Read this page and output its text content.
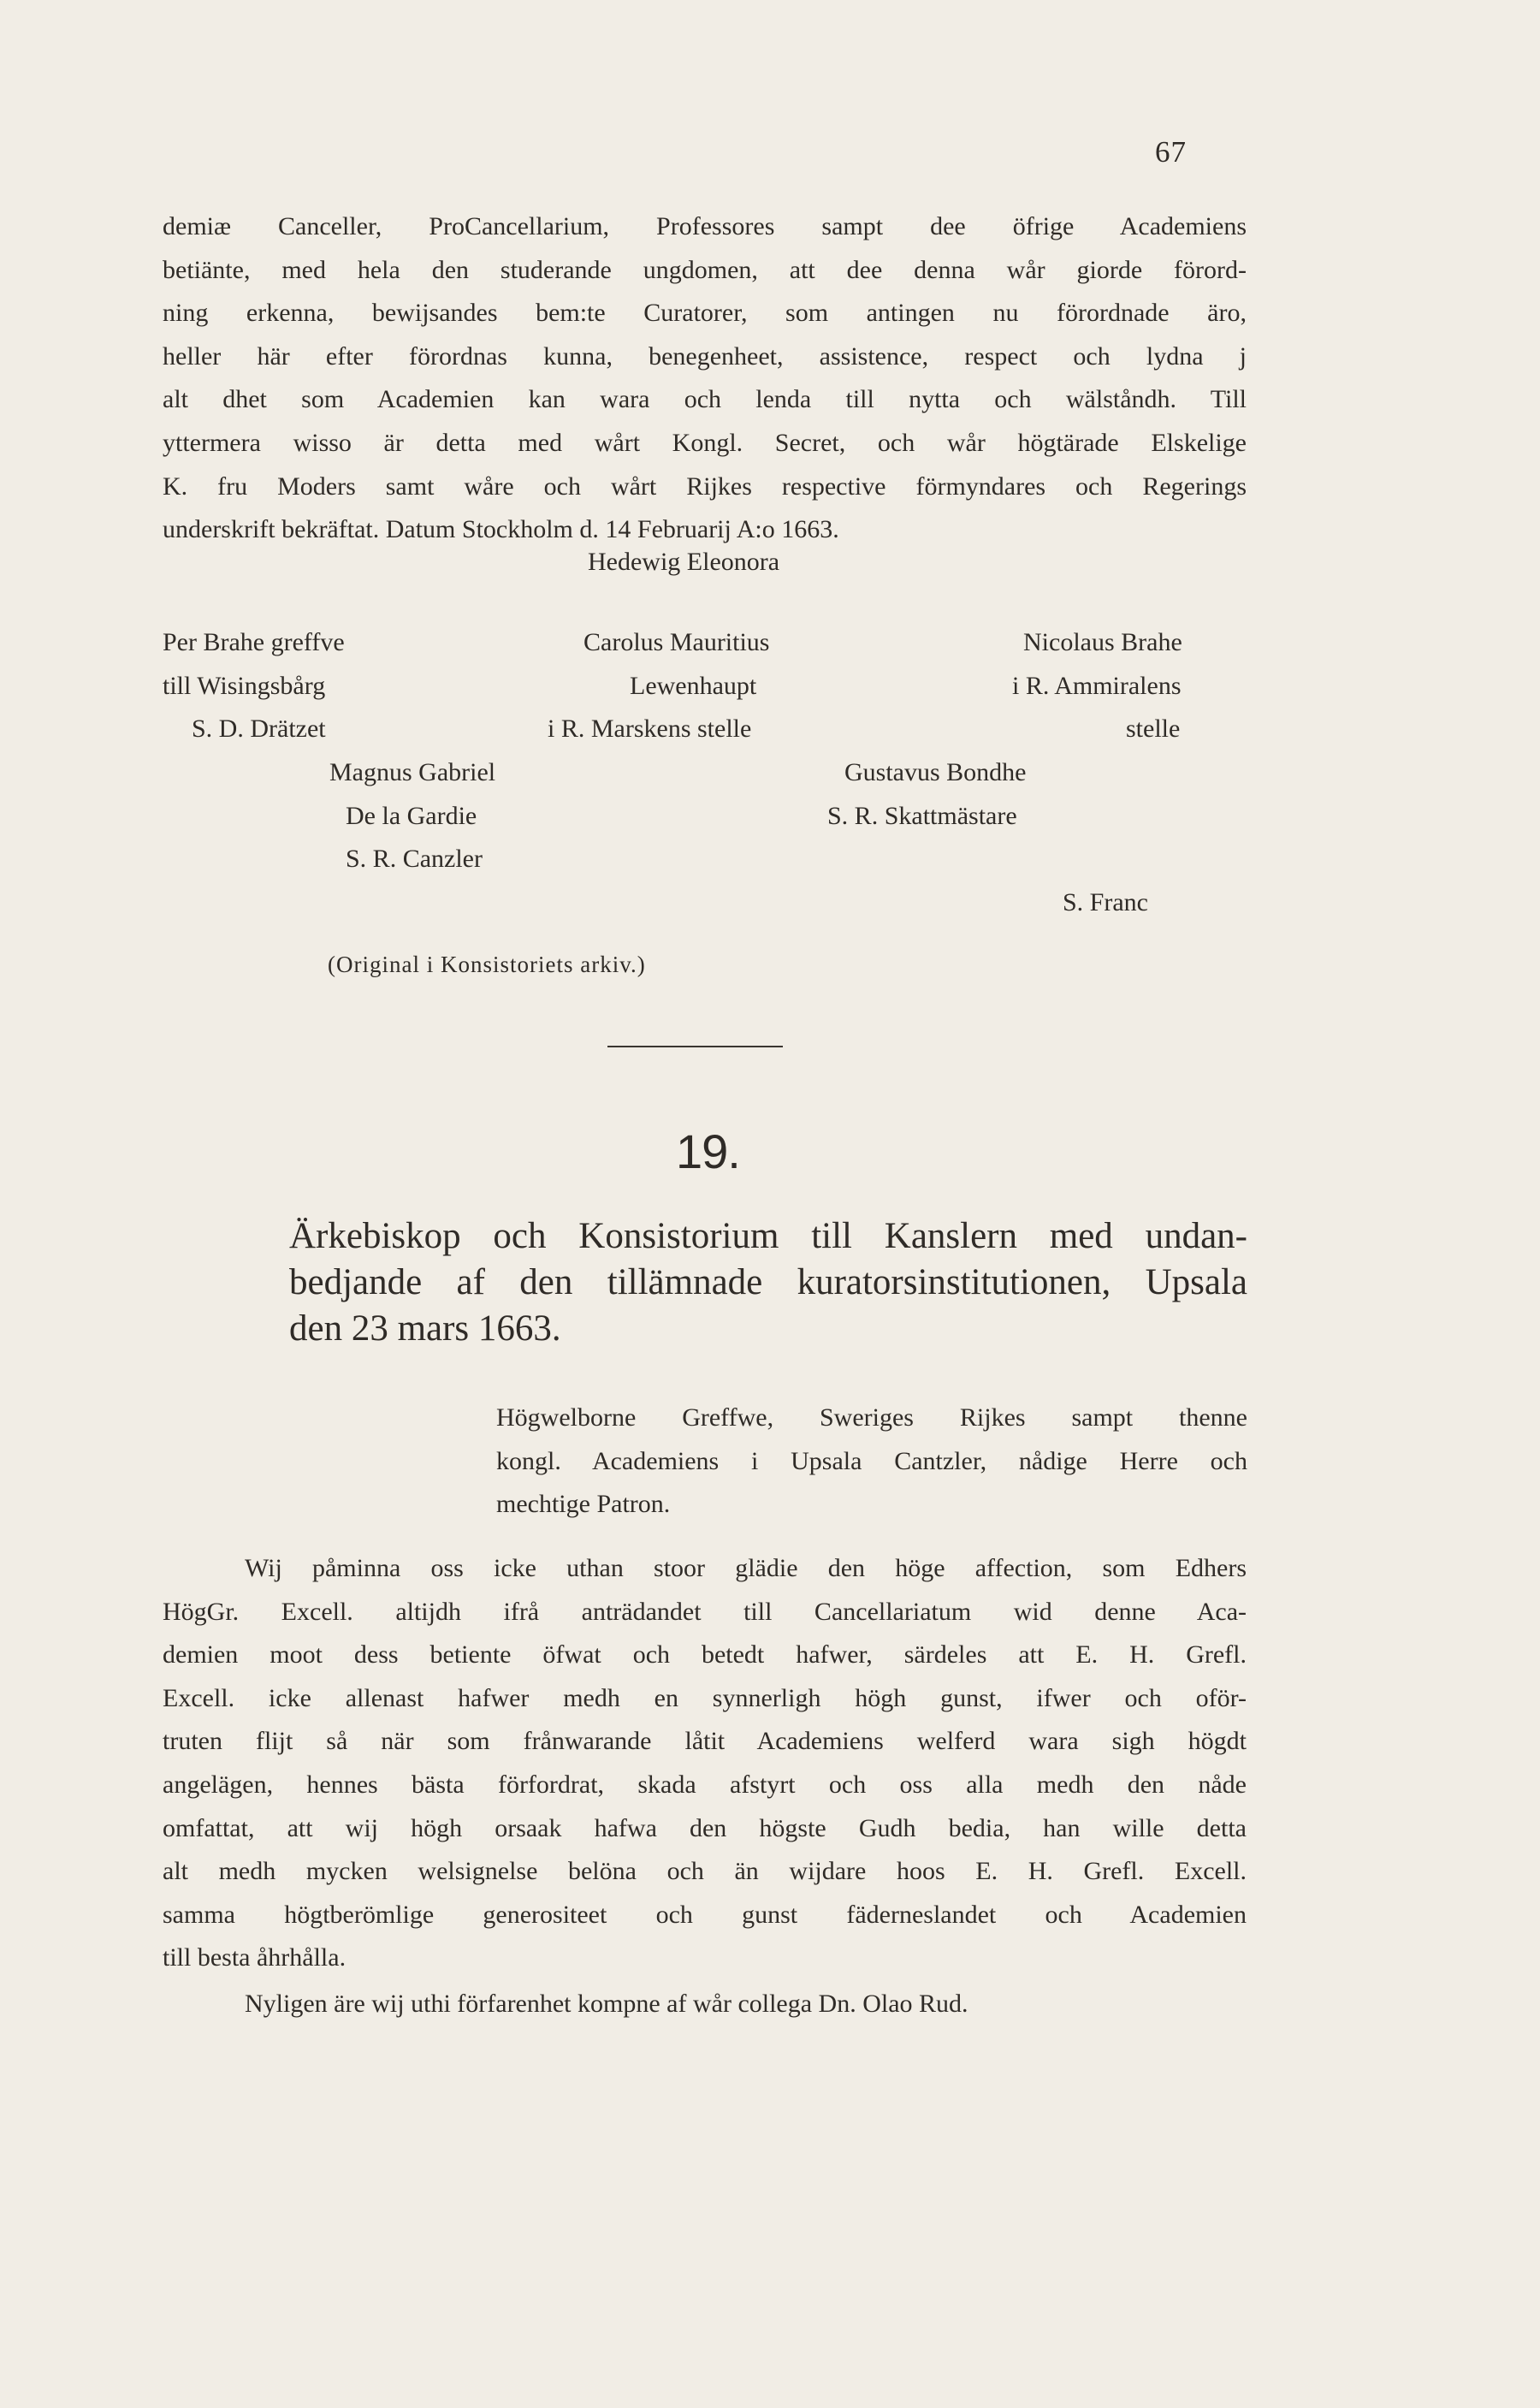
67
demiæ Canceller, ProCancellarium, Professores sampt dee öfrige Academiens
betiänte, med hela den studerande ungdomen, att dee denna wår giorde förord-
ning erkenna, bewijsandes bem:te Curatorer, som antingen nu förordnade äro,
heller här efter förordnas kunna, benegenheet, assistence, respect och lydna j
alt dhet som Academien kan wara och lenda till nytta och wälståndh. Till
yttermera wisso är detta med wårt Kongl. Secret, och wår högtärade Elskelige
K. fru Moders samt wåre och wårt Rijkes respective förmyndares och Regerings
underskrift bekräftat. Datum Stockholm d. 14 Februarij A:o 1663.
Hedewig Eleonora
Per Brahe greffve
till Wisingsbårg
S. D. Drätzet
Carolus Mauritius
Lewenhaupt
i R. Marskens stelle
Nicolaus Brahe
i R. Ammiralens
stelle
Magnus Gabriel
De la Gardie
S. R. Canzler
Gustavus Bondhe
S. R. Skattmästare
S. Franc
(Original i Konsistoriets arkiv.)
19.
Ärkebiskop och Konsistorium till Kanslern med undan-
bedjande af den tillämnade kuratorsinstitutionen, Upsala
den 23 mars 1663.
Högwelborne Greffwe, Sweriges Rijkes sampt thenne
kongl. Academiens i Upsala Cantzler, nådige Herre och
mechtige Patron.
Wij påminna oss icke uthan stoor glädie den höge affection, som Edhers
HögGr. Excell. altijdh ifrå anträdandet till Cancellariatum wid denne Aca-
demien moot dess betiente öfwat och betedt hafwer, särdeles att E. H. Grefl.
Excell. icke allenast hafwer medh en synnerligh högh gunst, ifwer och oför-
truten flijt så när som frånwarande låtit Academiens welferd wara sigh högdt
angelägen, hennes bästa förfordrat, skada afstyrt och oss alla medh den nåde
omfattat, att wij högh orsaak hafwa den högste Gudh bedia, han wille detta
alt medh mycken welsignelse belöna och än wijdare hoos E. H. Grefl. Excell.
samma högtberömlige generositeet och gunst fäderneslandet och Academien
till besta åhrhålla.
Nyligen äre wij uthi förfarenhet kompne af wår collega Dn. Olao Rud.
